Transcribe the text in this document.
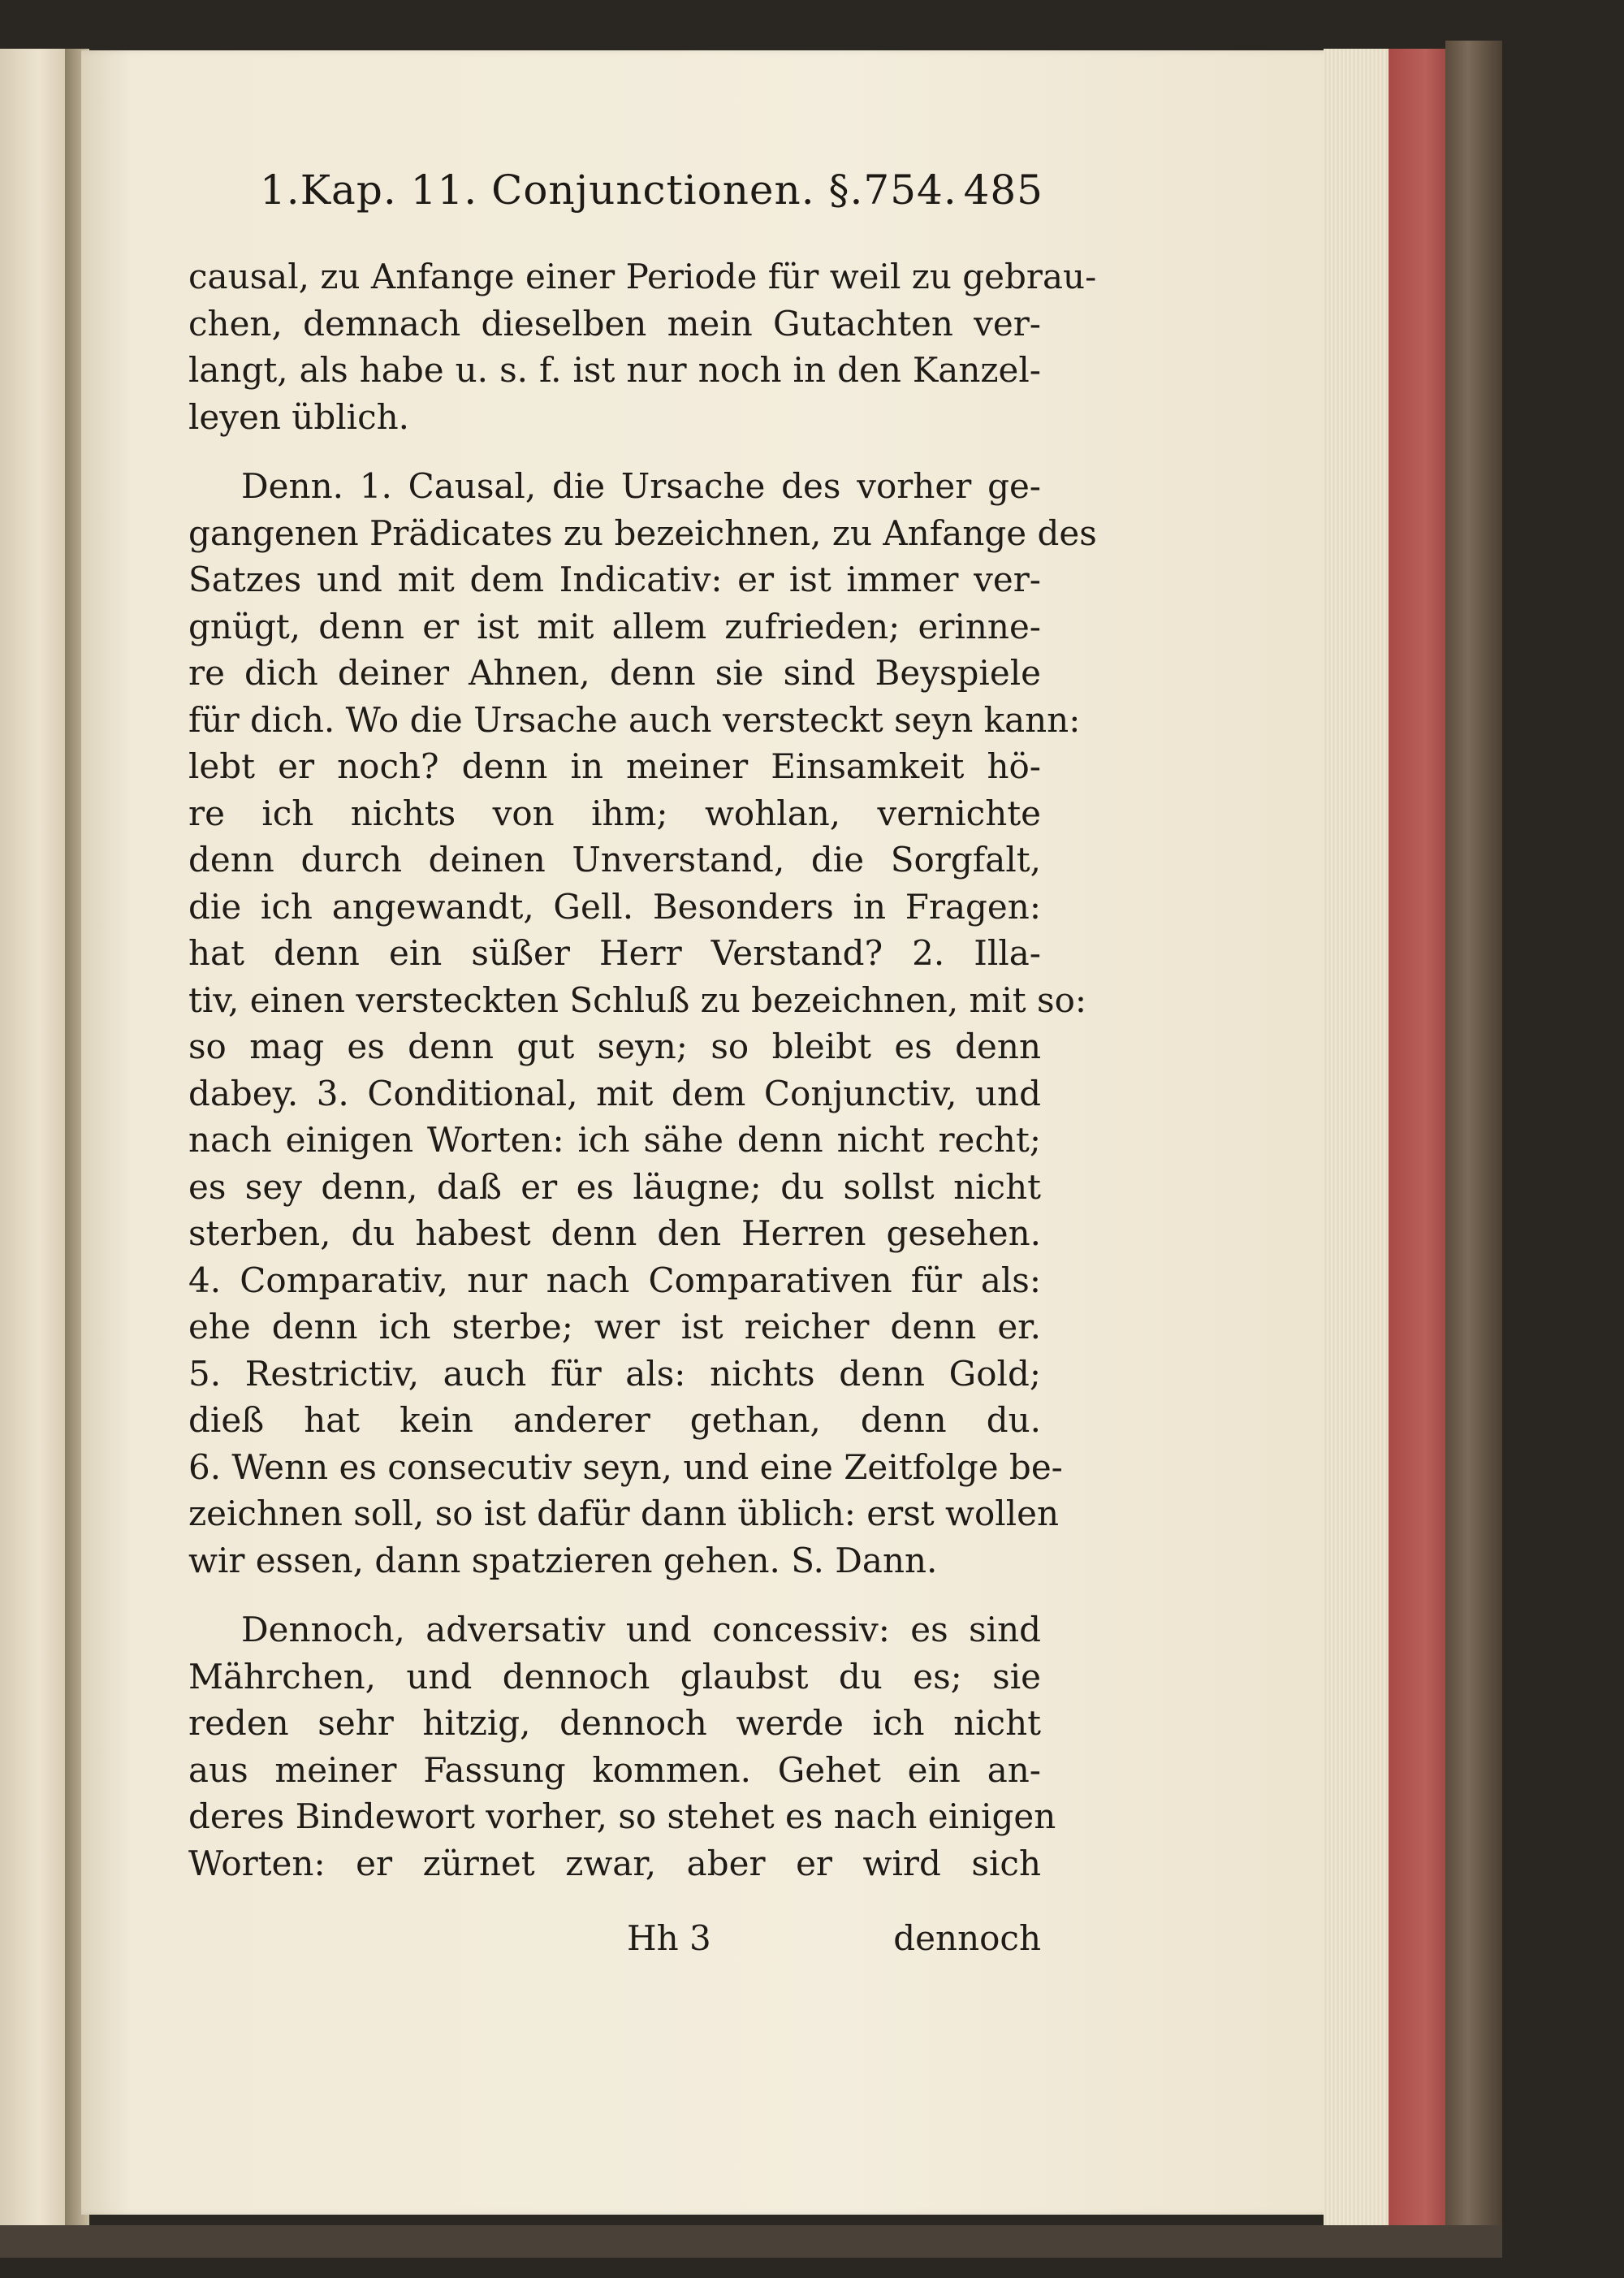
1.Kap. 11. Conjunctionen. §.754. 485
causal, zu Anfange einer Periode für weil zu gebrau-
chen, demnach dieselben mein Gutachten ver-
langt, als habe u. s. f. ist nur noch in den Kanzel-
leyen üblich.
Denn. 1. Causal, die Ursache des vorher ge-
gangenen Prädicates zu bezeichnen, zu Anfange des
Satzes und mit dem Indicativ: er ist immer ver-
gnügt, denn er ist mit allem zufrieden; erinne-
re dich deiner Ahnen, denn sie sind Beyspiele
für dich. Wo die Ursache auch versteckt seyn kann:
lebt er noch? denn in meiner Einsamkeit hö-
re ich nichts von ihm; wohlan, vernichte
denn durch deinen Unverstand, die Sorgfalt,
die ich angewandt, Gell. Besonders in Fragen:
hat denn ein süßer Herr Verstand? 2. Illa-
tiv, einen versteckten Schluß zu bezeichnen, mit so:
so mag es denn gut seyn; so bleibt es denn
dabey. 3. Conditional, mit dem Conjunctiv, und
nach einigen Worten: ich sähe denn nicht recht;
es sey denn, daß er es läugne; du sollst nicht
sterben, du habest denn den Herren gesehen.
4. Comparativ, nur nach Comparativen für als:
ehe denn ich sterbe; wer ist reicher denn er.
5. Restrictiv, auch für als: nichts denn Gold;
dieß hat kein anderer gethan, denn du.
6. Wenn es consecutiv seyn, und eine Zeitfolge be-
zeichnen soll, so ist dafür dann üblich: erst wollen
wir essen, dann spatzieren gehen. S. Dann.
Dennoch, adversativ und concessiv: es sind
Mährchen, und dennoch glaubst du es; sie
reden sehr hitzig, dennoch werde ich nicht
aus meiner Fassung kommen. Gehet ein an-
deres Bindewort vorher, so stehet es nach einigen
Worten: er zürnet zwar, aber er wird sich
Hh 3	dennoch
